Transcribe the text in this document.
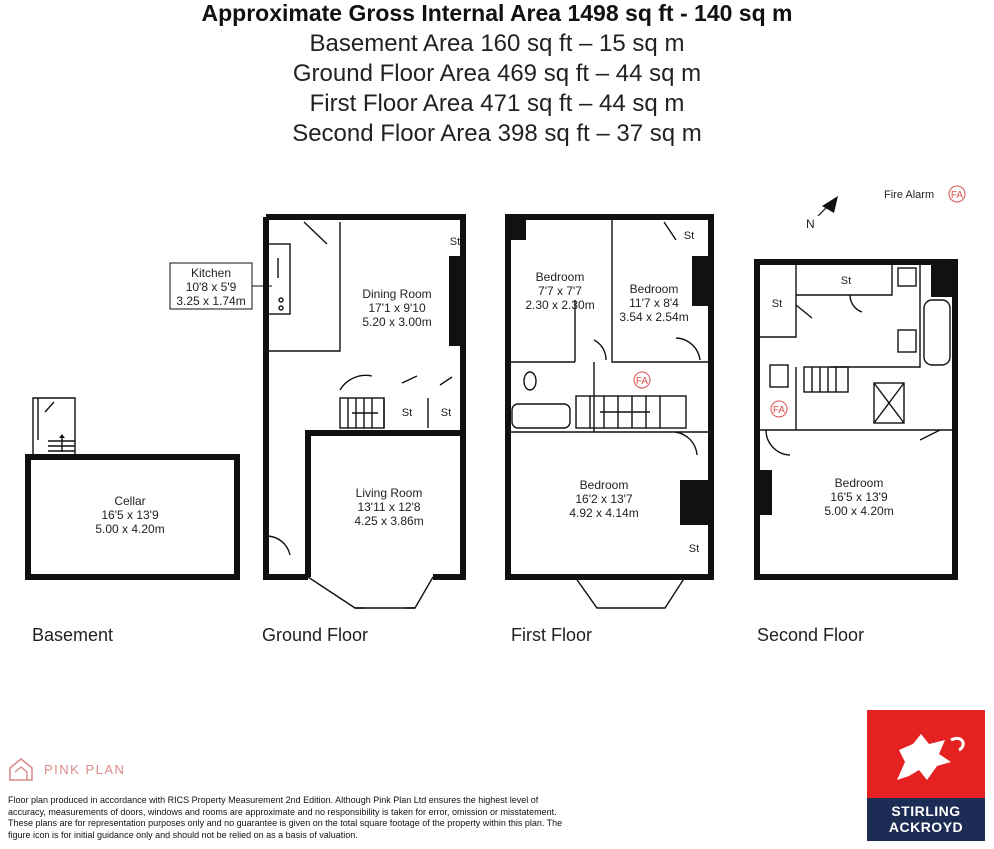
Approximate Gross Internal Area 1498 sq ft - 140 sq m
Basement Area 160 sq ft – 15 sq m
Ground Floor Area 469 sq ft – 44 sq m
First Floor Area 471 sq ft – 44 sq m
Second Floor Area 398 sq ft – 37 sq m
N
Fire Alarm FA
Cellar
16'5 x 13'9
5.00 x 4.20m
Basement
St
St	St
Kitchen
10'8 x 5'9
3.25 x 1.74m	Dining Room
17'1 x 9'10
5.20 x 3.00m
Living Room
13'11 x 12'8
4.25 x 3.86m
Ground Floor
St
St
FA
Bedroom
7'7 x 7'7
2.30 x 2.30m
Bedroom
11'7 x 8'4
3.54 x 2.54m
Bedroom
16'2 x 13'7
4.92 x 4.14m
First Floor
St
St
FA
Bedroom
16'5 x 13'9
5.00 x 4.20m
Second Floor
PINK PLAN
Floor plan produced in accordance with RICS Property Measurement 2nd Edition. Although Pink Plan Ltd ensures the highest level of accuracy, measurements of doors, windows and rooms are approximate and no responsibility is taken for error, omission or misstatement. These plans are for representation purposes only and no guarantee is given on the total square footage of the property within this plan. The figure icon is for initial guidance only and should not be relied on as a basis of valuation.
STIRLING
ACKROYD
